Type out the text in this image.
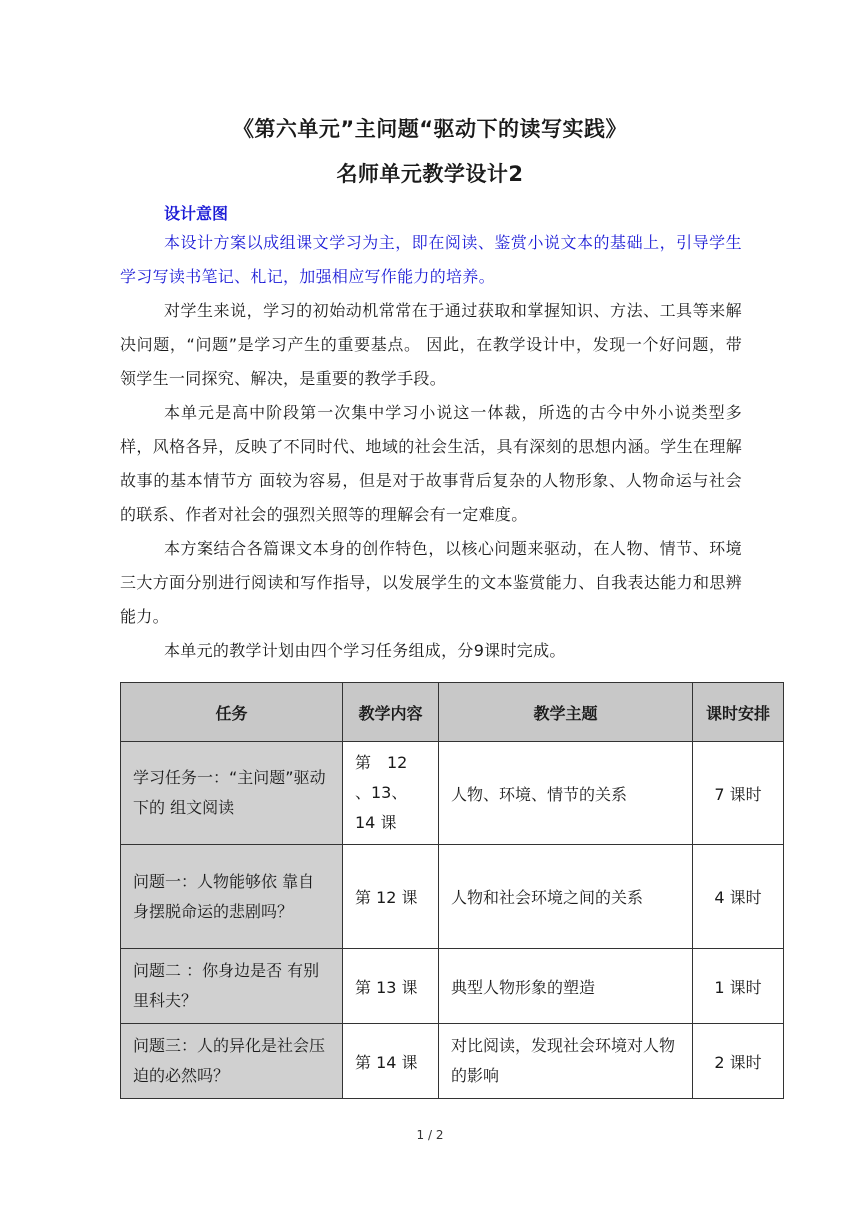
《第六单元”主问题“驱动下的读写实践》
名师单元教学设计2
设计意图
本设计方案以成组课文学习为主，即在阅读、鉴赏小说文本的基础上，引导学生学习写读书笔记、札记，加强相应写作能力的培养。
对学生来说，学习的初始动机常常在于通过获取和掌握知识、方法、工具等来解决问题，“问题”是学习产生的重要基点。 因此，在教学设计中，发现一个好问题，带领学生一同探究、解决，是重要的教学手段。
本单元是高中阶段第一次集中学习小说这一体裁，所选的古今中外小说类型多样，风格各异，反映了不同时代、地域的社会生活，具有深刻的思想内涵。学生在理解故事的基本情节方 面较为容易，但是对于故事背后复杂的人物形象、人物命运与社会的联系、作者对社会的强烈关照等的理解会有一定难度。
本方案结合各篇课文本身的创作特色，以核心问题来驱动，在人物、情节、环境三大方面分别进行阅读和写作指导，以发展学生的文本鉴赏能力、自我表达能力和思辨能力。
本单元的教学计划由四个学习任务组成，分9课时完成。
任务	教学内容	教学主题	课时安排
学习任务一：“主问题”驱动下的 组文阅读	第　12 、13、 14 课	人物、环境、情节的关系	7 课时
问题一：人物能够依 靠自身摆脱命运的悲剧吗？	第 12 课	人物和社会环境之间的关系	4 课时
问题二 ：你身边是否 有别里科夫？	第 13 课	典型人物形象的塑造	1 课时
问题三：人的异化是社会压迫的必然吗？	第 14 课	对比阅读，发现社会环境对人物的影响	2 课时
1 / 2
